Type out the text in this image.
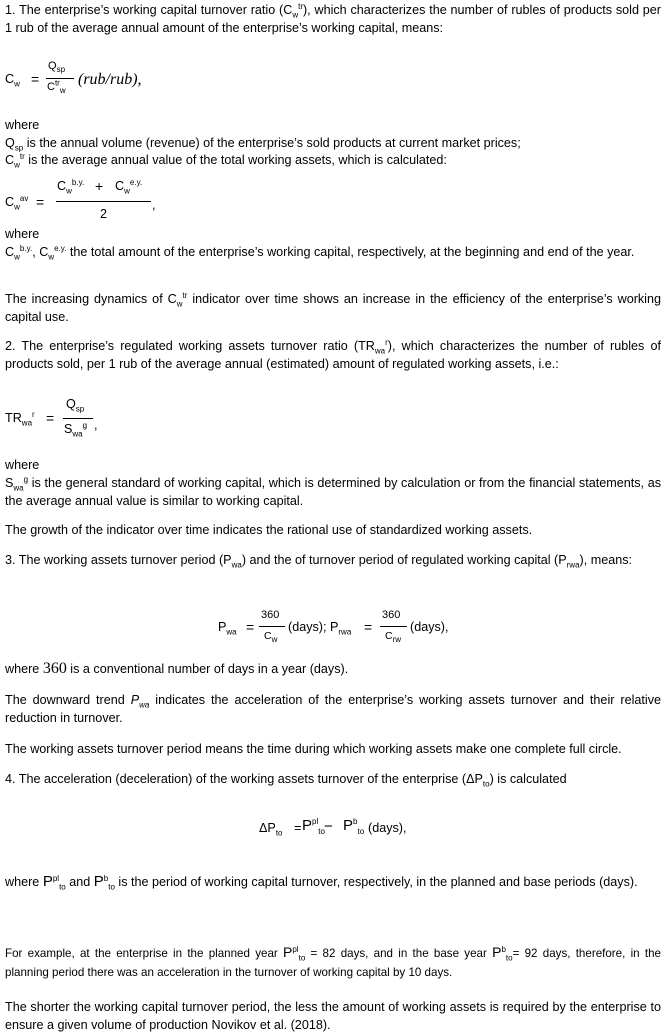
1. The enterprise’s working capital turnover ratio $(C_w^{tr})$, which characterizes the number of rubles of products sold per 1 rub of the average annual amount of the enterprise’s working capital, means:
$C_w$ =
$Q_{sp}$
$C^{tr}_w$
(rub/rub),
where
$Q_{sp}$ is the annual volume (revenue) of the enterprise’s sold products at current market prices;
$C_w^{tr}$ is the average annual value of the total working assets, which is calculated:
$C_w^{av}$ =
$C_w^{b.y.} + C_w^{e.y.}$
2
,
where
$C_w^{b.y.}$, $C_w^{e.y.}$ the total amount of the enterprise’s working capital, respectively, at the beginning and end of the year.
The increasing dynamics of $C_w^{tr}$ indicator over time shows an increase in the efficiency of the enterprise’s working capital use.
2. The enterprise’s regulated working assets turnover ratio $(TR_{wa}^r)$, which characterizes the number of rubles of products sold, per 1 rub of the average annual (estimated) amount of regulated working assets, i.e.:
$TR_{wa}^r$ =
$Q_{sp}$
$S_{wa}^g$ ,
where
$S_{wa}^g$ is the general standard of working capital, which is determined by calculation or from the financial statements, as the average annual value is similar to working capital.
The growth of the indicator over time indicates the rational use of standardized working assets.
3. The working assets turnover period $(P_{wa})$ and the of turnover period of regulated working capital $(P_{rwa})$, means:
$P_{wa}$ =
360
$C_w$
(days); $P_{rwa}$ =
360
$C_{rw}$
(days),
where 360 is a conventional number of days in a year (days).
The downward trend $P_{wa}$ indicates the acceleration of the enterprise’s working assets turnover and their relative reduction in turnover.
The working assets turnover period means the time during which working assets make one complete full circle.
4. The acceleration (deceleration) of the working assets turnover of the enterprise $(\Delta P_{to})$ is calculated
$\Delta P_{to} = P^{pl}_{to} - P^b_{to}$ (days),
where $P^{pl}_{to}$ and $P^b_{to}$ is the period of working capital turnover, respectively, in the planned and base periods (days).
For example, at the enterprise in the planned year $P^{pl}_{to} = 82$ days, and in the base year $P^b_{to}= 92$ days, therefore, in the planning period there was an acceleration in the turnover of working capital by 10 days.
The shorter the working capital turnover period, the less the amount of working assets is required by the enterprise to ensure a given volume of production Novikov et al. (2018).
